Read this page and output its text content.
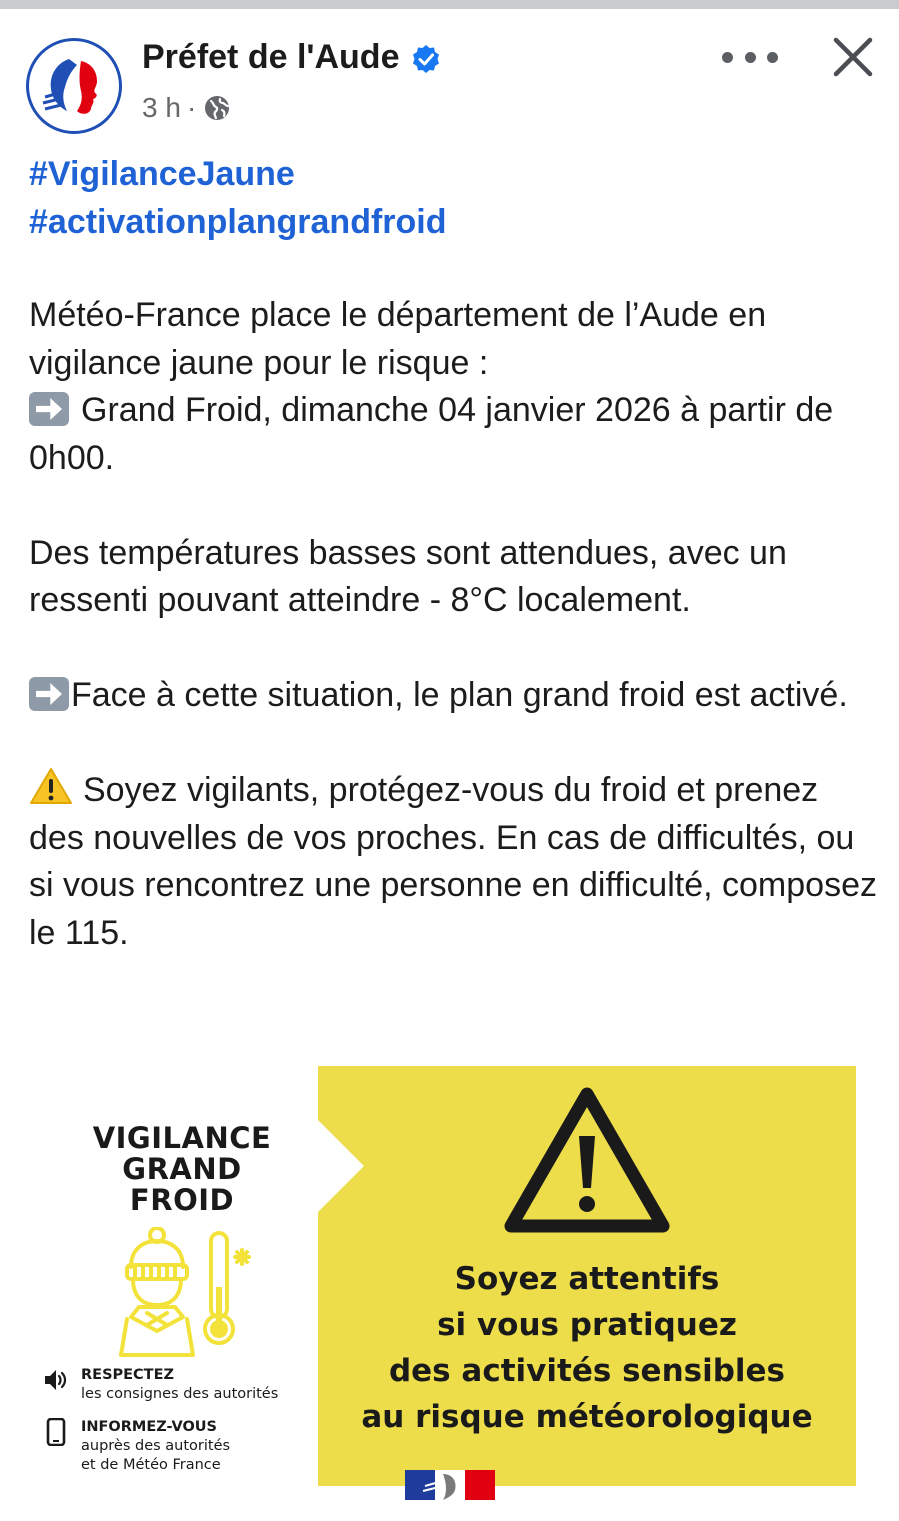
Préfet de l'Aude
3 h ·
#VigilanceJaune
#activationplangrandfroid

Météo-France place le département de l’Aude en vigilance jaune pour le risque :
Grand Froid, dimanche 04 janvier 2026 à partir de 0h00.

Des températures basses sont attendues, avec un ressenti pouvant atteindre - 8°C localement.

Face à cette situation, le plan grand froid est activé.

Soyez vigilants, protégez-vous du froid et prenez des nouvelles de vos proches. En cas de difficultés, ou si vous rencontrez une personne en difficulté, composez le 115.

VIGILANCE
GRAND
FROID
RESPECTEZ
les consignes des autorités
INFORMEZ-VOUS
auprès des autorités
et de Météo France
Soyez attentifs
si vous pratiquez
des activités sensibles
au risque météorologique
